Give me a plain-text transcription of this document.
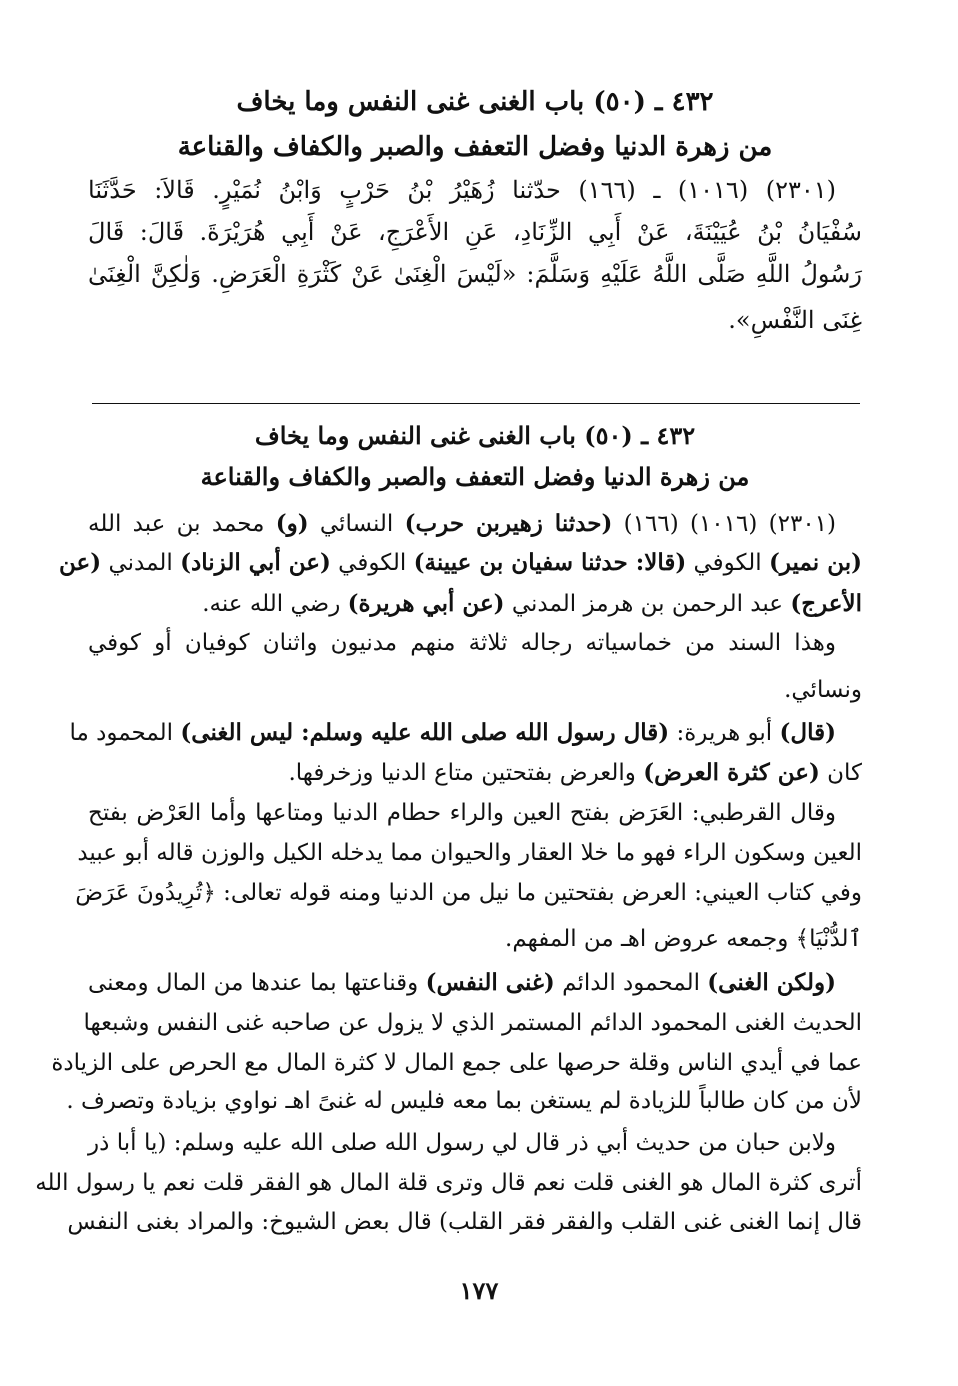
٤٣٢ ـ (٥٠) باب الغنى غنى النفس وما يخاف
من زهرة الدنيا وفضل التعفف والصبر والكفاف والقناعة
(٢٣٠١) (١٠١٦) ـ (١٦٦) حدّثنا زُهَيْرُ بْنُ حَرْبٍ وَابْنُ نُمَيْرٍ. قَالاَ: حَدَّثَنَا
سُفْيَانُ بْنُ عُيَيْنَةَ، عَنْ أَبِي الزِّنَادِ، عَنِ الأَعْرَجِ، عَنْ أَبِي هُرَيْرَةَ. قَالَ: قَالَ
رَسُولُ اللَّهِ صَلَّى اللَّهُ عَلَيْهِ وَسَلَّمَ: «لَيْسَ الْغِنَىٰ عَنْ كَثْرَةِ الْعَرَضِ. وَلٰكِنَّ الْغِنَىٰ
غِنَى النَّفْسِ».
٤٣٢ ـ (٥٠) باب الغنى غنى النفس وما يخاف
من زهرة الدنيا وفضل التعفف والصبر والكفاف والقناعة
(٢٣٠١) (١٠١٦) (١٦٦) (حدثنا زهيربن حرب) النسائي (و) محمد بن عبد الله
(بن نمير) الكوفي (قالا: حدثنا سفيان بن عيينة) الكوفي (عن أبي الزناد) المدني (عن
الأعرج) عبد الرحمن بن هرمز المدني (عن أبي هريرة) رضي الله عنه.
وهذا السند من خماسياته رجاله ثلاثة منهم مدنيون واثنان كوفيان أو كوفي
ونسائي.
(قال) أبو هريرة: (قال رسول الله صلى الله عليه وسلم: ليس الغنى) المحمود ما
كان (عن كثرة العرض) والعرض بفتحتين متاع الدنيا وزخرفها.
وقال القرطبي: العَرَض بفتح العين والراء حطام الدنيا ومتاعها وأما العَرْض بفتح
العين وسكون الراء فهو ما خلا العقار والحيوان مما يدخله الكيل والوزن قاله أبو عبيد
وفي كتاب العيني: العرض بفتحتين ما نيل من الدنيا ومنه قوله تعالى: ﴿تُرِيدُونَ عَرَضَ
ٱلدُّنْيَا﴾ وجمعه عروض اهـ من المفهم.
(ولكن الغنى) المحمود الدائم (غنى النفس) وقناعتها بما عندها من المال ومعنى
الحديث الغنى المحمود الدائم المستمر الذي لا يزول عن صاحبه غنى النفس وشبعها
عما في أيدي الناس وقلة حرصها على جمع المال لا كثرة المال مع الحرص على الزيادة
لأن من كان طالباً للزيادة لم يستغن بما معه فليس له غنىً اهـ نواوي بزيادة وتصرف .
ولابن حبان من حديث أبي ذر قال لي رسول الله صلى الله عليه وسلم: (يا أبا ذر
أترى كثرة المال هو الغنى قلت نعم قال وترى قلة المال هو الفقر قلت نعم يا رسول الله
قال إنما الغنى غنى القلب والفقر فقر القلب) قال بعض الشيوخ: والمراد بغنى النفس
١٧٧
